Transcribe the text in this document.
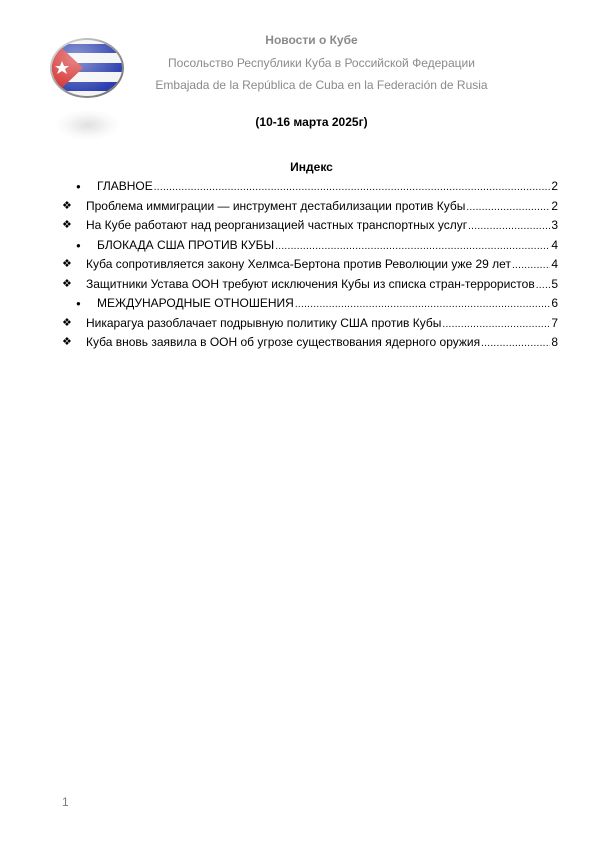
Новости о Кубе
Посольство Республики Куба в Российской Федерации
Embajada de la República de Cuba en la Federación de Rusia
(10-16 марта 2025г)
Индекс
● ГЛАВНОЕ .....	2
❖ Проблема иммиграции — инструмент дестабилизации против Кубы .....	2
❖ На Кубе работают над реорганизацией частных транспортных услуг .....	3
● БЛОКАДА США ПРОТИВ КУБЫ .....	4
❖ Куба сопротивляется закону Хелмса-Бертона против Революции уже 29 лет .....	4
❖ Защитники Устава ООН требуют исключения Кубы из списка стран-террористов ..... 5
● МЕЖДУНАРОДНЫЕ ОТНОШЕНИЯ .....	6
❖ Никарагуа разоблачает подрывную политику США против Кубы .....	7
❖ Куба вновь заявила в ООН об угрозе существования ядерного оружия .....	8
1
